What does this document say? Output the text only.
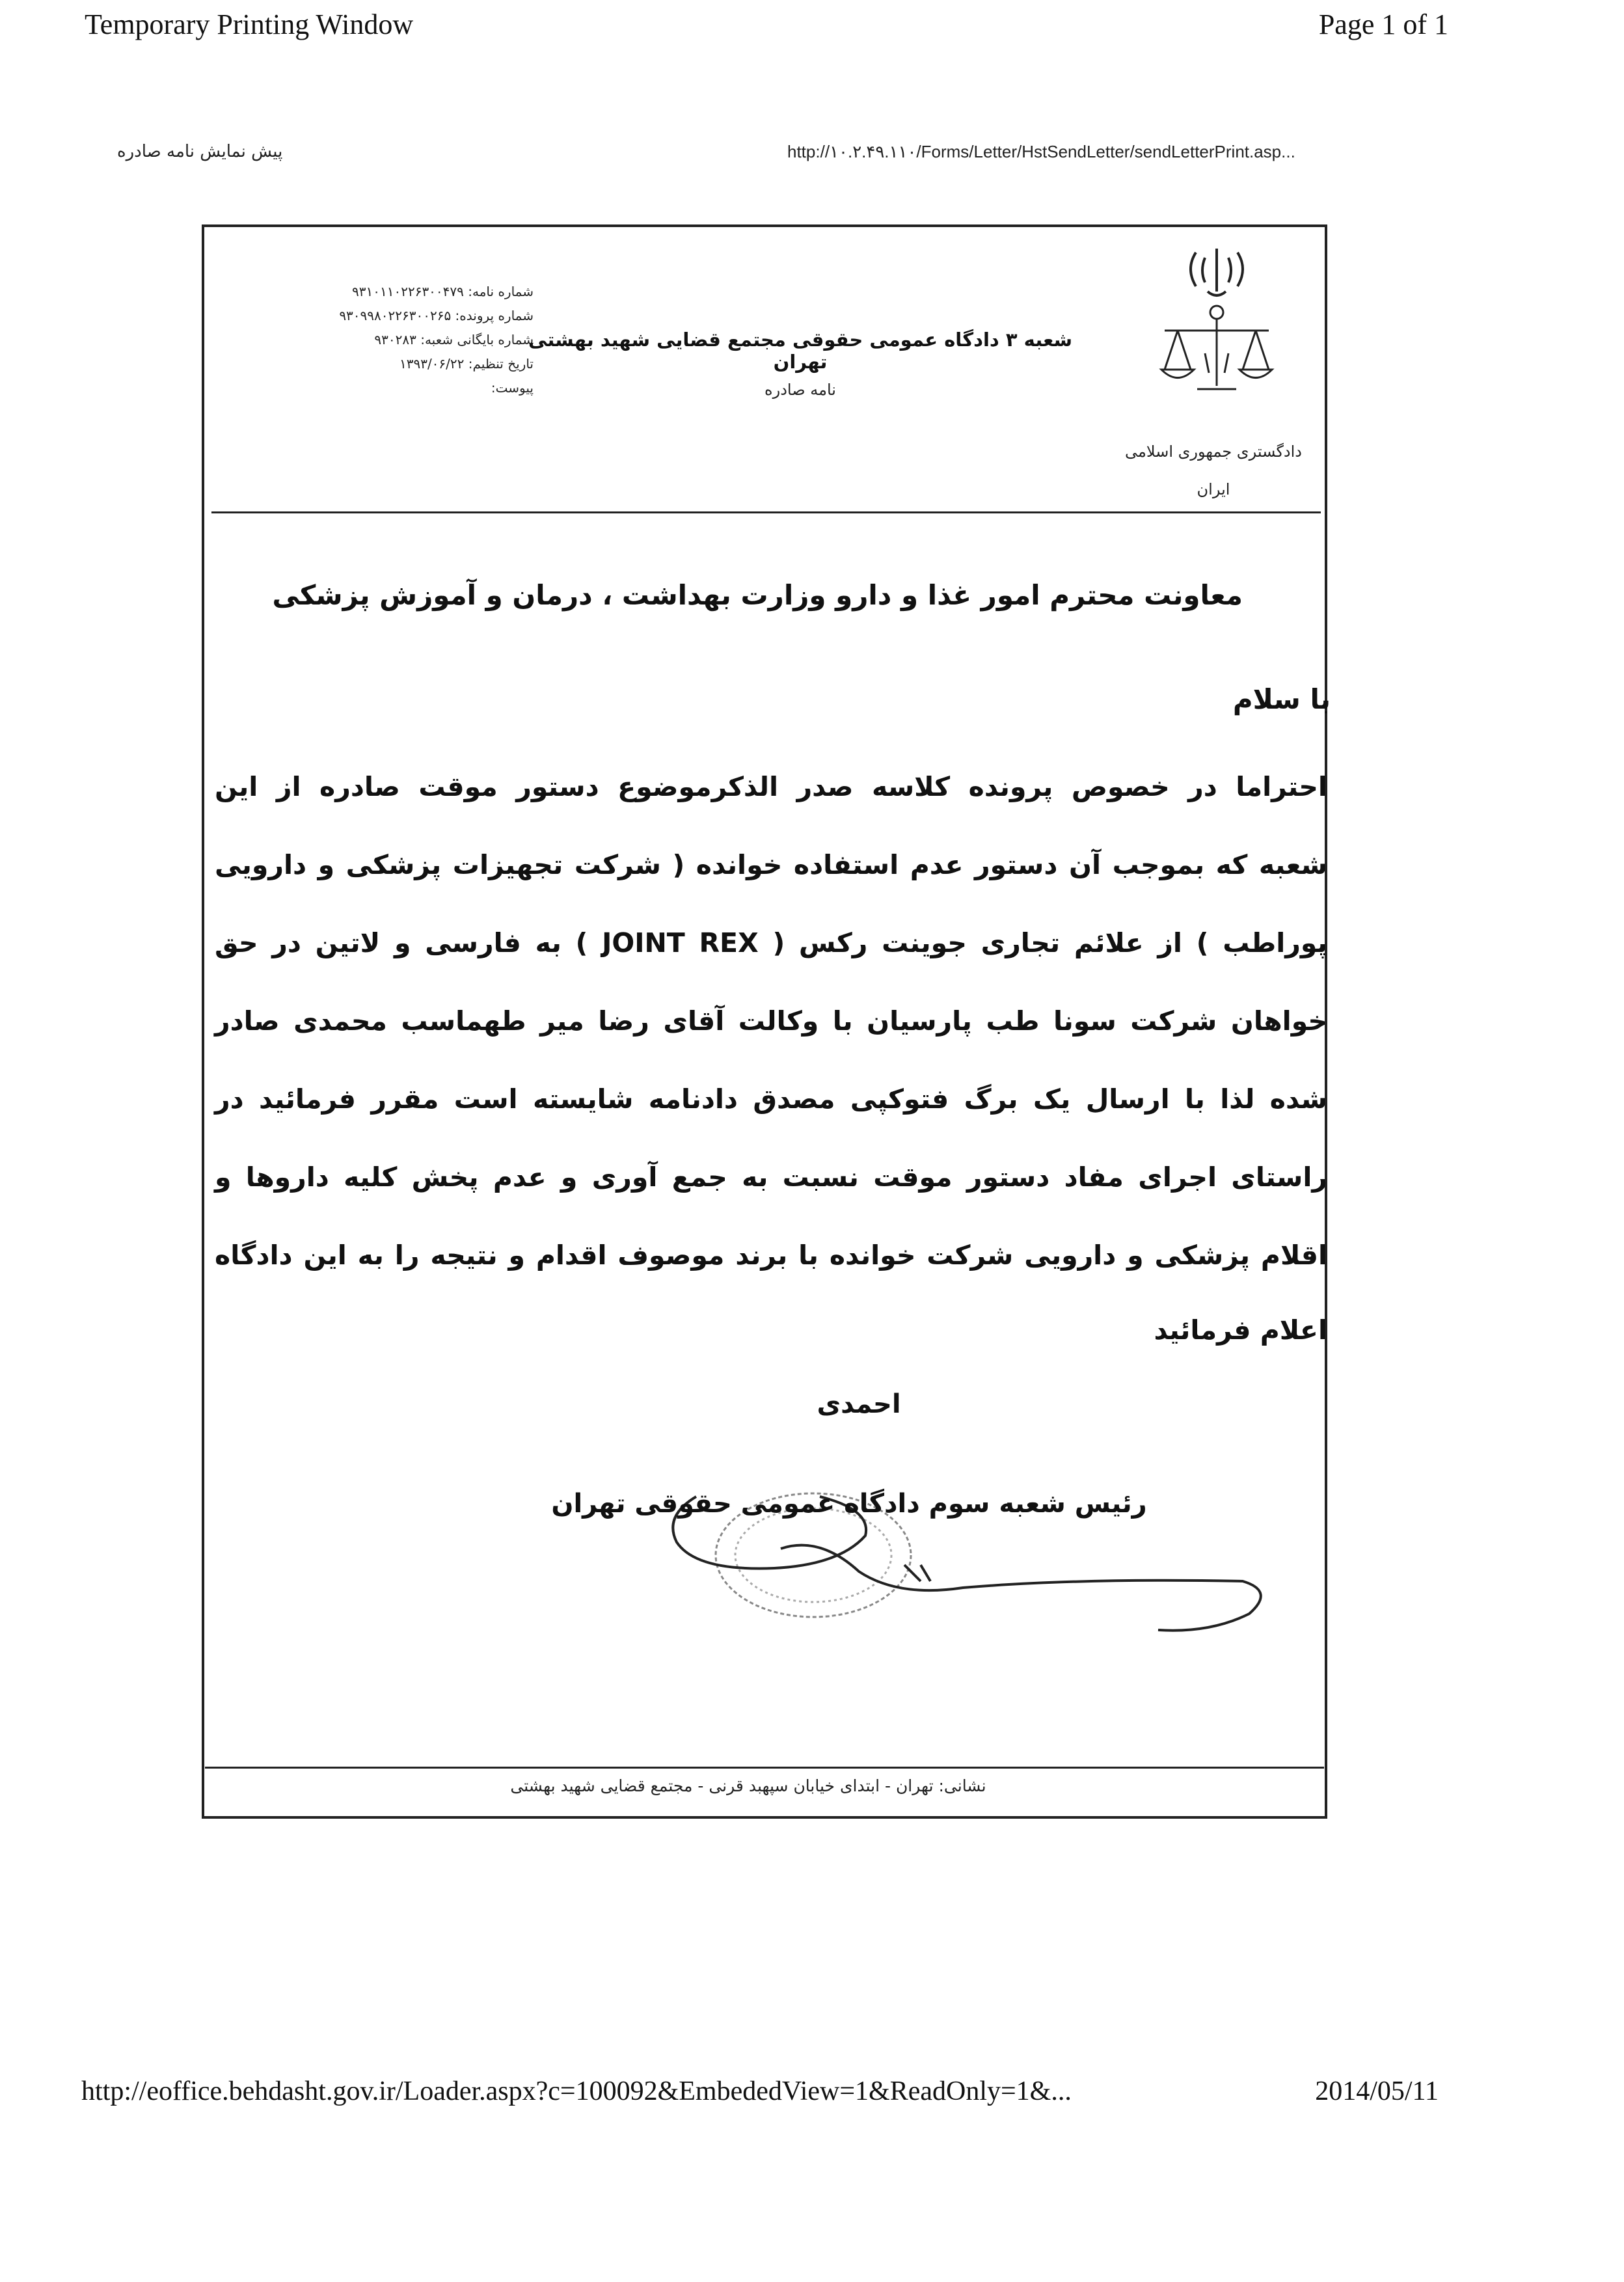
Temporary Printing Window	Page 1 of 1
پیش نمایش نامه صادره	http://۱۰.۲.۴۹.۱۱۰/Forms/Letter/HstSendLetter/sendLetterPrint.asp...
شماره نامه: ۹۳۱۰۱۱۰۲۲۶۳۰۰۴۷۹
شماره پرونده: ۹۳۰۹۹۸۰۲۲۶۳۰۰۲۶۵
شماره بایگانی شعبه: ۹۳۰۲۸۳
تاریخ تنظیم: ۱۳۹۳/۰۶/۲۲
پیوست:
شعبه ۳ دادگاه عمومی حقوقی مجتمع قضایی شهید بهشتی تهران
نامه صادره
دادگستری جمهوری اسلامی
ایران
معاونت محترم امور غذا و دارو وزارت بهداشت ، درمان و آموزش پزشکی
با سلام
احتراما در خصوص پرونده کلاسه صدر الذکرموضوع دستور موقت صادره از این
شعبه که بموجب آن دستور عدم استفاده خوانده ( شرکت تجهیزات پزشکی و دارویی
پوراطب ) از علائم تجاری جوینت رکس ( JOINT REX ) به فارسی و لاتین در حق
خواهان شرکت سونا طب پارسیان با وکالت آقای رضا میر طهماسب محمدی صادر
شده لذا با ارسال یک برگ فتوکپی مصدق دادنامه شایسته است مقرر فرمائید در
راستای اجرای مفاد دستور موقت نسبت به جمع آوری و عدم پخش کلیه داروها و
اقلام پزشکی و دارویی شرکت خوانده با برند موصوف اقدام و نتیجه را به این دادگاه
اعلام فرمائید
احمدی
رئیس شعبه سوم دادگاه عمومی حقوقی تهران
نشانی: تهران - ابتدای خیابان سپهبد قرنی - مجتمع قضایی شهید بهشتی
http://eoffice.behdasht.gov.ir/Loader.aspx?c=100092&EmbededView=1&ReadOnly=1&...	2014/05/11
